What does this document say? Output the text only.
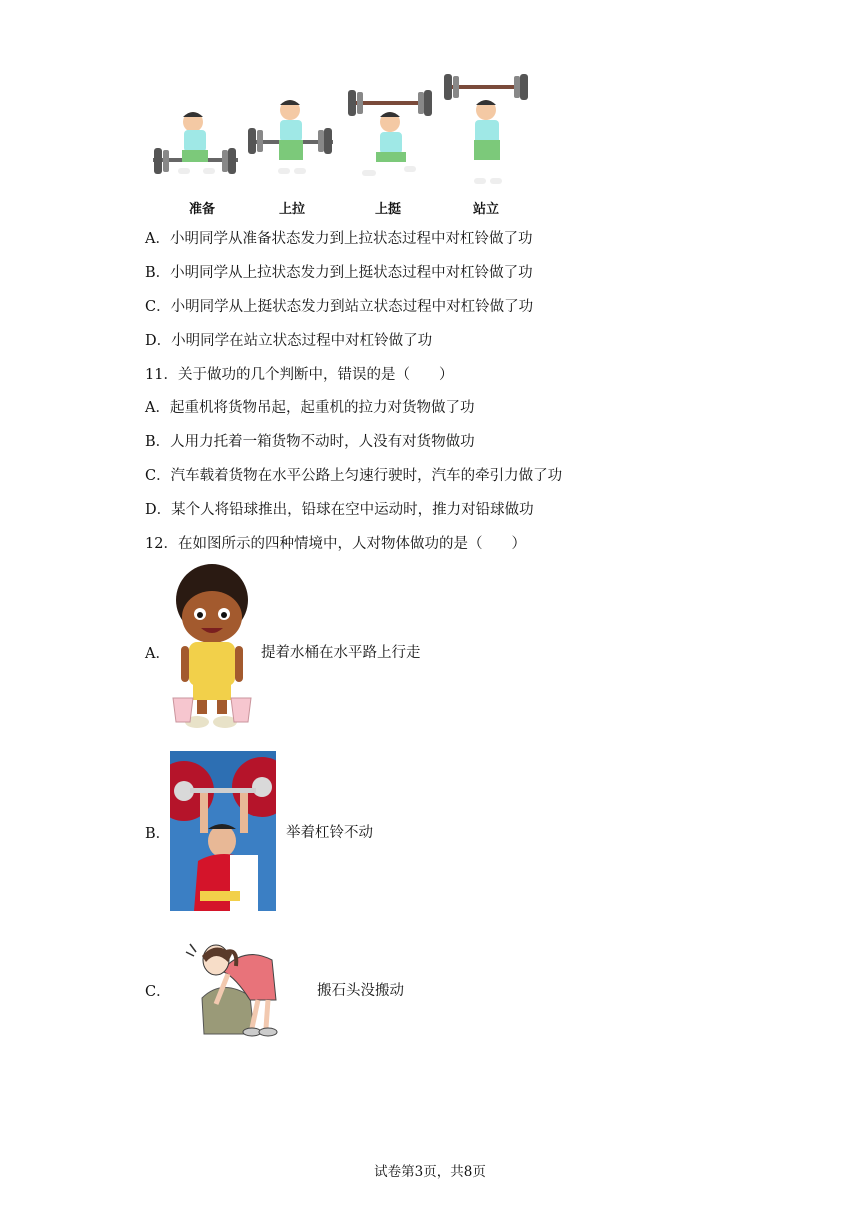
准备	上拉	上挺	站立
A．小明同学从准备状态发力到上拉状态过程中对杠铃做了功
B．小明同学从上拉状态发力到上挺状态过程中对杠铃做了功
C．小明同学从上挺状态发力到站立状态过程中对杠铃做了功
D．小明同学在站立状态过程中对杠铃做了功
11．关于做功的几个判断中，错误的是（　　）
A．起重机将货物吊起，起重机的拉力对货物做了功
B．人用力托着一箱货物不动时，人没有对货物做功
C．汽车载着货物在水平公路上匀速行驶时，汽车的牵引力做了功
D．某个人将铅球推出，铅球在空中运动时，推力对铅球做功
12．在如图所示的四种情境中，人对物体做功的是（　　）
A．	提着水桶在水平路上行走
B．	举着杠铃不动
C．	搬石头没搬动
试卷第3页，共8页
